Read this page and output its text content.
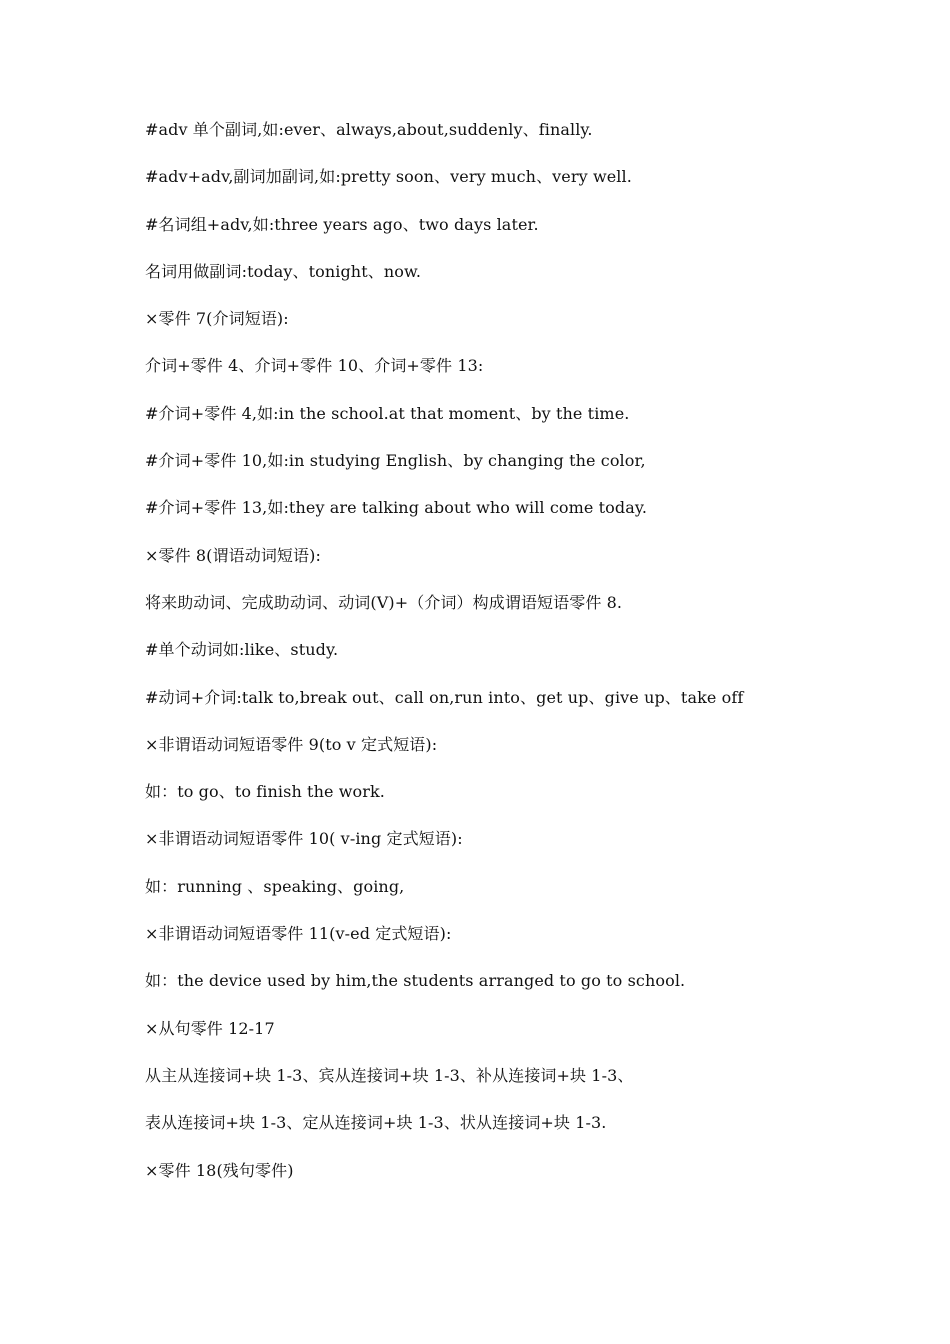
#adv 单个副词,如:ever、always,about,suddenly、finally.
#adv+adv,副词加副词,如:pretty soon、very much、very well.
#名词组+adv,如:three years ago、two days later.
名词用做副词:today、tonight、now.
×零件 7(介词短语):
介词+零件 4、介词+零件 10、介词+零件 13:
#介词+零件 4,如:in the school.at that moment、by the time.
#介词+零件 10,如:in studying English、by changing the color,
#介词+零件 13,如:they are talking about who will come today.
×零件 8(谓语动词短语):
将来助动词、完成助动词、动词(V)+（介词）构成谓语短语零件 8.
#单个动词如:like、study.
#动词+介词:talk to,break out、call on,run into、get up、give up、take off
×非谓语动词短语零件 9(to v 定式短语):
如：to go、to finish the work.
×非谓语动词短语零件 10( v-ing 定式短语):
如：running 、speaking、going,
×非谓语动词短语零件 11(v-ed 定式短语):
如：the device used by him,the students arranged to go to school.
×从句零件 12-17
从主从连接词+块 1-3、宾从连接词+块 1-3、补从连接词+块 1-3、
表从连接词+块 1-3、定从连接词+块 1-3、状从连接词+块 1-3.
×零件 18(残句零件)
